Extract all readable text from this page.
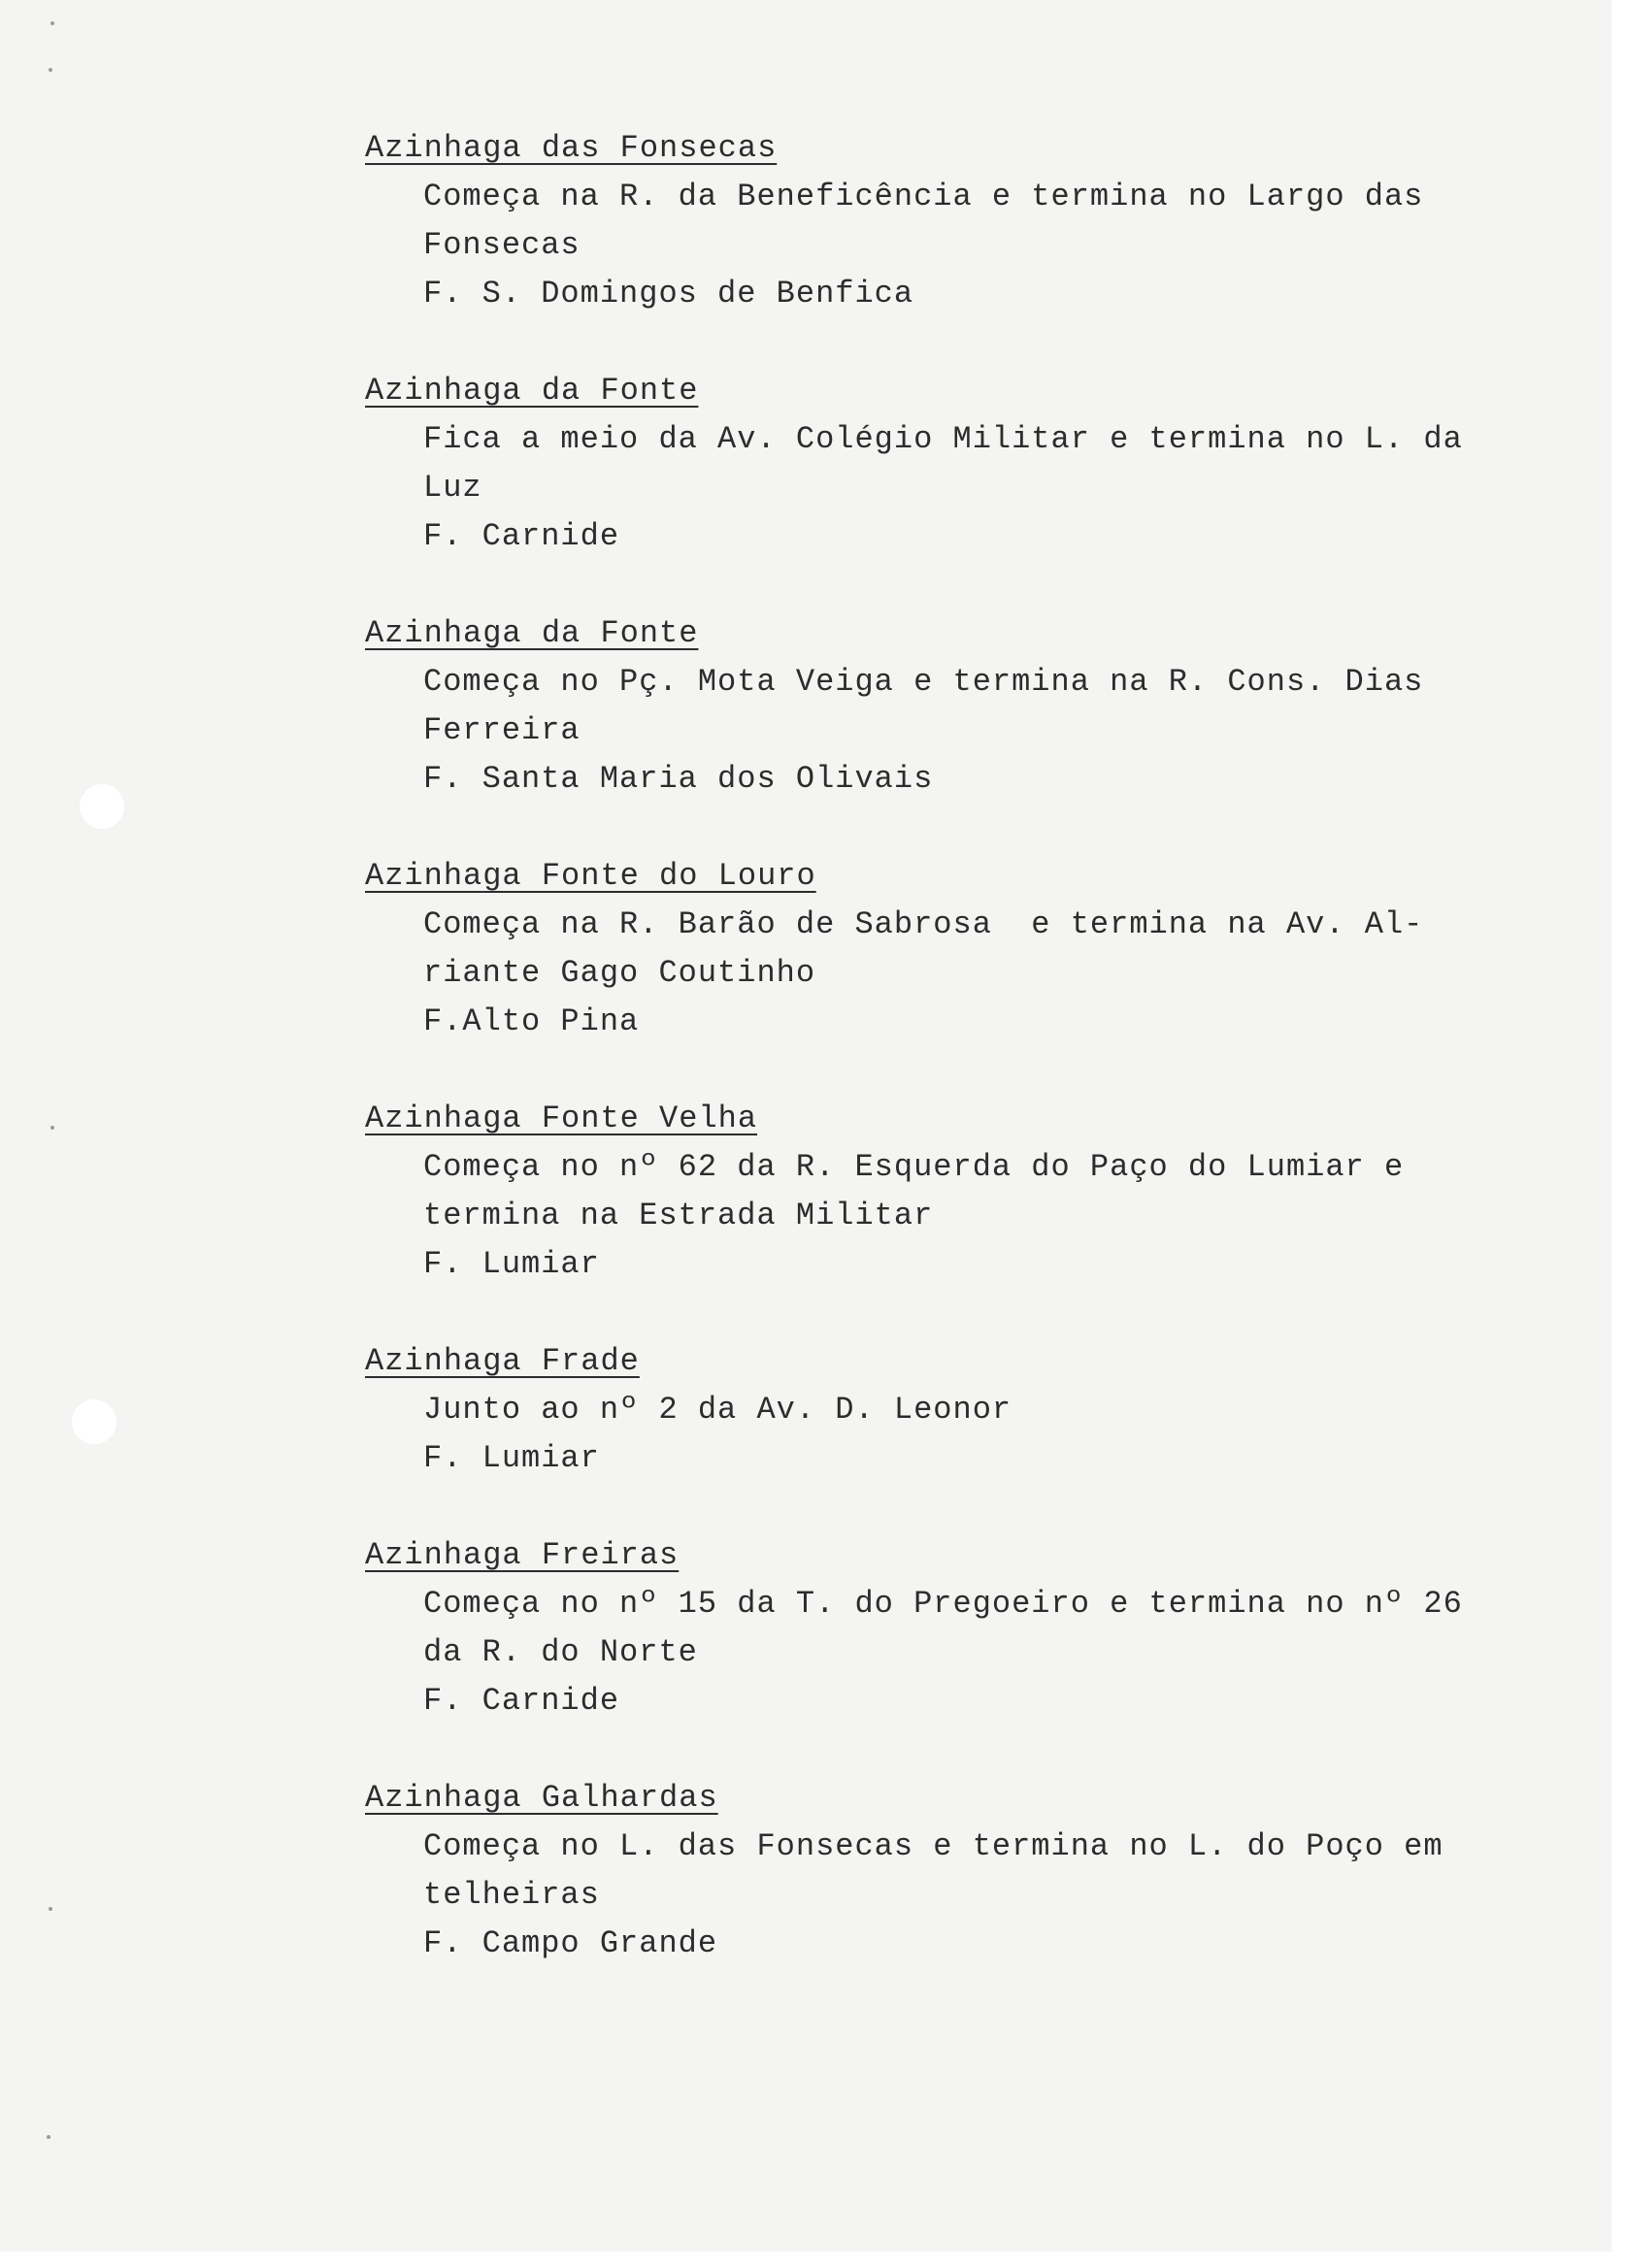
Azinhaga das Fonsecas
Começa na R. da Beneficência e termina no Largo das Fonsecas
F. S. Domingos de Benfica
Azinhaga da Fonte
Fica a meio da Av. Colégio Militar e termina no L. da Luz
F. Carnide
Azinhaga da Fonte
Começa no Pç. Mota Veiga e termina na R. Cons. Dias Ferreira
F. Santa Maria dos Olivais
Azinhaga Fonte do Louro
Começa na R. Barão de Sabrosa  e termina na Av. Al- riante Gago Coutinho
F.Alto Pina
Azinhaga Fonte Velha
Começa no nº 62 da R. Esquerda do Paço do Lumiar e termina na Estrada Militar
F. Lumiar
Azinhaga Frade
Junto ao nº 2 da Av. D. Leonor
F. Lumiar
Azinhaga Freiras
Começa no nº 15 da T. do Pregoeiro e termina no nº 26 da R. do Norte
F. Carnide
Azinhaga Galhardas
Começa no L. das Fonsecas e termina no L. do Poço em telheiras
F. Campo Grande
